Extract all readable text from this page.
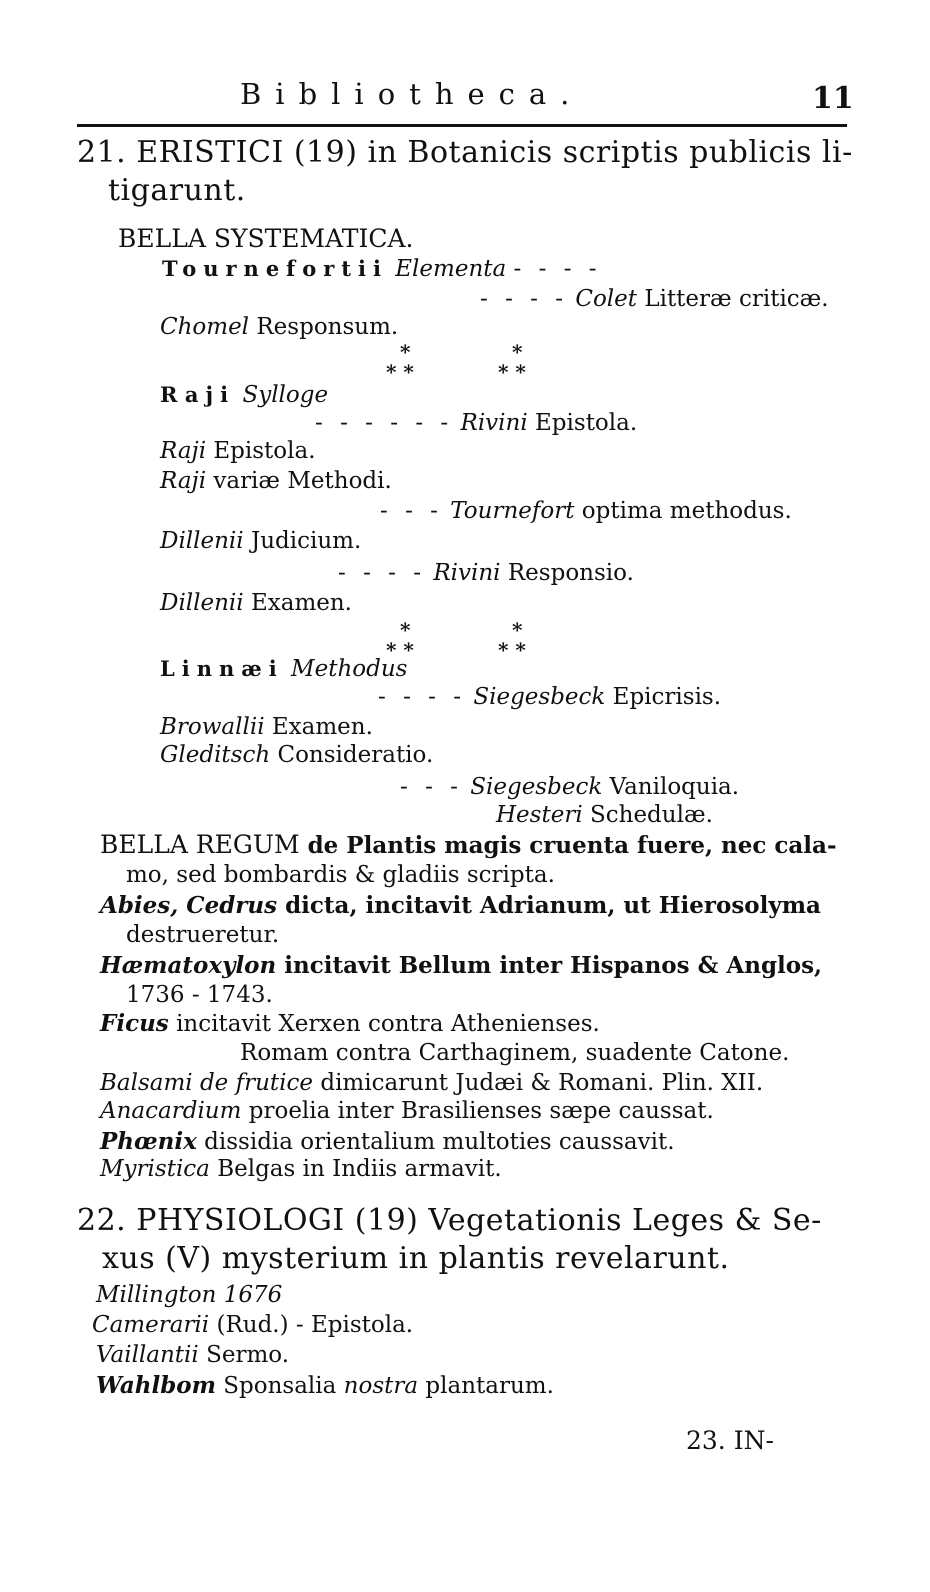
Bibliotheca.	11
21. ERISTICI (19) in Botanicis scriptis publicis li-
tigarunt.
BELLA SYSTEMATICA.
Tournefortii Elementa - - - -
- - - - Colet Litteræ criticæ.
Chomel Responsum.
*
* *
*
* *
Raji Sylloge
- - - - - - Rivini Epistola.
Raji Epistola.
Raji variæ Methodi.
- - - Tournefort optima methodus.
Dillenii Judicium.
- - - - Rivini Responsio.
Dillenii Examen.
*
* *
*
* *
Linnæi Methodus
- - - - Siegesbeck Epicrisis.
Browallii Examen.
Gleditsch Consideratio.
- - - Siegesbeck Vaniloquia.
Hesteri Schedulæ.
BELLA REGUM de Plantis magis cruenta fuere, nec cala-
mo, sed bombardis & gladiis scripta.
Abies, Cedrus dicta, incitavit Adrianum, ut Hierosolyma
destrueretur.
Hæmatoxylon incitavit Bellum inter Hispanos & Anglos,
1736 - 1743.
Ficus incitavit Xerxen contra Athenienses.
Romam contra Carthaginem, suadente Catone.
Balsami de frutice dimicarunt Judæi & Romani. Plin. XII.
Anacardium proelia inter Brasilienses sæpe caussat.
Phœnix dissidia orientalium multoties caussavit.
Myristica Belgas in Indiis armavit.
22. PHYSIOLOGI (19) Vegetationis Leges & Se-
xus (V) mysterium in plantis revelarunt.
Millington 1676
Camerarii (Rud.) - Epistola.
Vaillantii Sermo.
Wahlbom Sponsalia nostra plantarum.
23. IN-
